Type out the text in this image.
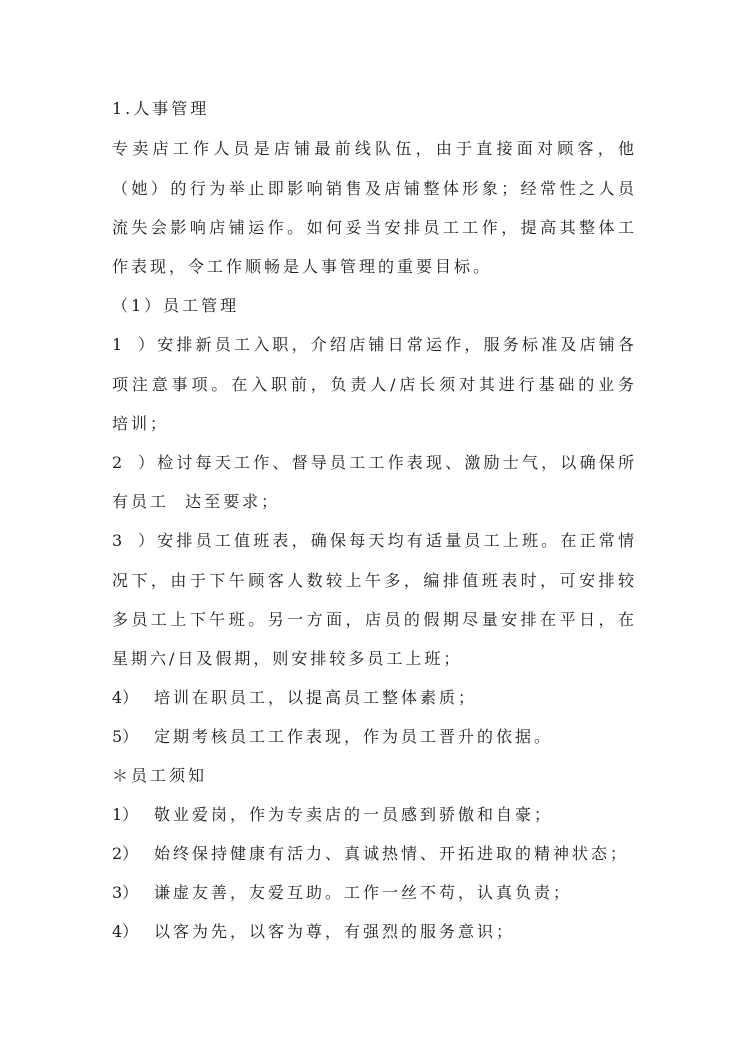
1.人事管理
专卖店工作人员是店铺最前线队伍，由于直接面对顾客，他
（她）的行为举止即影响销售及店铺整体形象；经常性之人员
流失会影响店铺运作。如何妥当安排员工工作，提高其整体工
作表现，令工作顺畅是人事管理的重要目标。
（1）员工管理
1）安排新员工入职，介绍店铺日常运作，服务标准及店铺各
项注意事项。在入职前，负责人/店长须对其进行基础的业务
培训；
2）检讨每天工作、督导员工工作表现、激励士气，以确保所
有员工  达至要求；
3）安排员工值班表，确保每天均有适量员工上班。在正常情
况下，由于下午顾客人数较上午多，编排值班表时，可安排较
多员工上下午班。另一方面，店员的假期尽量安排在平日，在
星期六/日及假期，则安排较多员工上班；
4） 培训在职员工，以提高员工整体素质；
5） 定期考核员工工作表现，作为员工晋升的依据。
＊员工须知
1） 敬业爱岗，作为专卖店的一员感到骄傲和自豪；
2） 始终保持健康有活力、真诚热情、开拓进取的精神状态；
3） 谦虚友善，友爱互助。工作一丝不苟，认真负责；
4） 以客为先，以客为尊，有强烈的服务意识；
